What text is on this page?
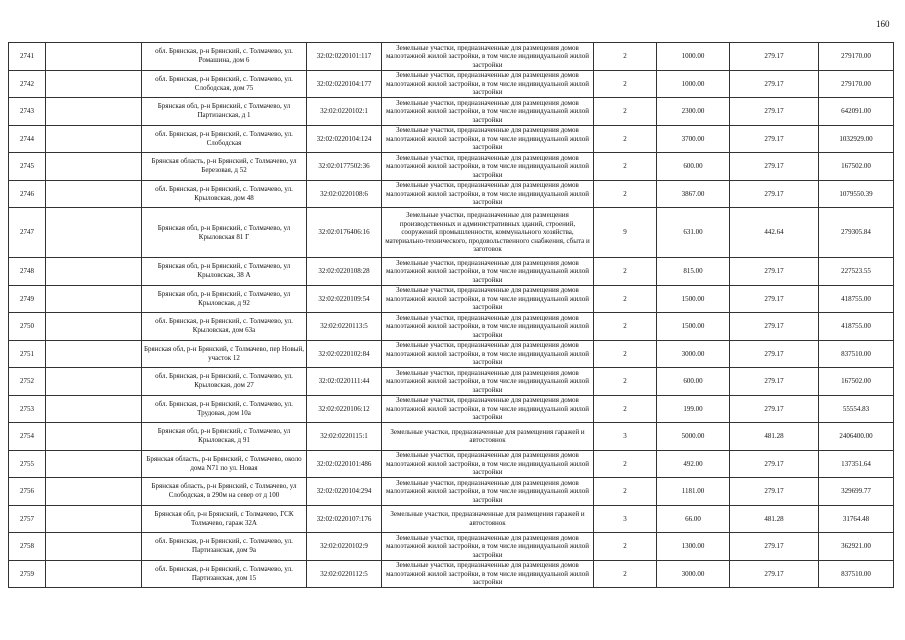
160
2741		обл. Брянская, р-н Брянский, с. Толмачево, ул. Ромашина, дом 6	32:02:0220101:117	Земельные участки, предназначенные для размещения домов малоэтажной жилой застройки, в том числе индивидуальной жилой застройки	2	1000.00	279.17	279170.00
2742		обл. Брянская, р-н Брянский, с. Толмачево, ул. Слободская, дом 75	32:02:0220104:177	Земельные участки, предназначенные для размещения домов малоэтажной жилой застройки, в том числе индивидуальной жилой застройки	2	1000.00	279.17	279170.00
2743		Брянская обл, р-н Брянский, с Толмачево, ул Партизанская, д 1	32:02:0220102:1	Земельные участки, предназначенные для размещения домов малоэтажной жилой застройки, в том числе индивидуальной жилой застройки	2	2300.00	279.17	642091.00
2744		обл. Брянская, р-н Брянский, с. Толмачево, ул. Слободская	32:02:0220104:124	Земельные участки, предназначенные для размещения домов малоэтажной жилой застройки, в том числе индивидуальной жилой застройки	2	3700.00	279.17	1032929.00
2745		Брянская область, р-н Брянский, с Толмачево, ул Березовая, д 52	32:02:0177502:36	Земельные участки, предназначенные для размещения домов малоэтажной жилой застройки, в том числе индивидуальной жилой застройки	2	600.00	279.17	167502.00
2746		обл. Брянская, р-н Брянский, с. Толмачево, ул. Крыловская, дом 48	32:02:0220108:6	Земельные участки, предназначенные для размещения домов малоэтажной жилой застройки, в том числе индивидуальной жилой застройки	2	3867.00	279.17	1079550.39
2747		Брянская обл, р-н Брянский, с Толмачево, ул Крыловская 81 Г	32:02:0176406:16	Земельные участки, предназначенные для размещения производственных и административных зданий, строений, сооружений промышленности, коммунального хозяйства, материально-технического, продовольственного снабжения, сбыта и заготовок	9	631.00	442.64	279305.84
2748		Брянская обл, р-н Брянский, с Толмачево, ул Крыловская, 38 А	32:02:0220108:28	Земельные участки, предназначенные для размещения домов малоэтажной жилой застройки, в том числе индивидуальной жилой застройки	2	815.00	279.17	227523.55
2749		Брянская обл, р-н Брянский, с Толмачево, ул Крыловская, д 92	32:02:0220109:54	Земельные участки, предназначенные для размещения домов малоэтажной жилой застройки, в том числе индивидуальной жилой застройки	2	1500.00	279.17	418755.00
2750		обл. Брянская, р-н Брянский, с. Толмачево, ул. Крыловская, дом 63а	32:02:0220113:5	Земельные участки, предназначенные для размещения домов малоэтажной жилой застройки, в том числе индивидуальной жилой застройки	2	1500.00	279.17	418755.00
2751		Брянская обл, р-н Брянский, с Толмачево, пер Новый, участок 12	32:02:0220102:84	Земельные участки, предназначенные для размещения домов малоэтажной жилой застройки, в том числе индивидуальной жилой застройки	2	3000.00	279.17	837510.00
2752		обл. Брянская, р-н Брянский, с. Толмачево, ул. Крыловская, дом 27	32:02:0220111:44	Земельные участки, предназначенные для размещения домов малоэтажной жилой застройки, в том числе индивидуальной жилой застройки	2	600.00	279.17	167502.00
2753		обл. Брянская, р-н Брянский, с. Толмачево, ул. Трудовая, дом 10а	32:02:0220106:12	Земельные участки, предназначенные для размещения домов малоэтажной жилой застройки, в том числе индивидуальной жилой застройки	2	199.00	279.17	55554.83
2754		Брянская обл, р-н Брянский, с Толмачево, ул Крыловская, д 91	32:02:0220115:1	Земельные участки, предназначенные для размещения гаражей и автостоянок	3	5000.00	481.28	2406400.00
2755		Брянская область, р-н Брянский, с Толмачево, около дома N71 по ул. Новая	32:02:0220101:486	Земельные участки, предназначенные для размещения домов малоэтажной жилой застройки, в том числе индивидуальной жилой застройки	2	492.00	279.17	137351.64
2756		Брянская область, р-н Брянский, с Толмачево, ул Слободская, в 290м на север от д 100	32:02:0220104:294	Земельные участки, предназначенные для размещения домов малоэтажной жилой застройки, в том числе индивидуальной жилой застройки	2	1181.00	279.17	329699.77
2757		Брянская обл, р-н Брянский, с Толмачево, ГСК Толмачево, гараж 32А	32:02:0220107:176	Земельные участки, предназначенные для размещения гаражей и автостоянок	3	66.00	481.28	31764.48
2758		обл. Брянская, р-н Брянский, с. Толмачево, ул. Партизанская, дом 9а	32:02:0220102:9	Земельные участки, предназначенные для размещения домов малоэтажной жилой застройки, в том числе индивидуальной жилой застройки	2	1300.00	279.17	362921.00
2759		обл. Брянская, р-н Брянский, с. Толмачево, ул. Партизанская, дом 15	32:02:0220112:5	Земельные участки, предназначенные для размещения домов малоэтажной жилой застройки, в том числе индивидуальной жилой застройки	2	3000.00	279.17	837510.00
